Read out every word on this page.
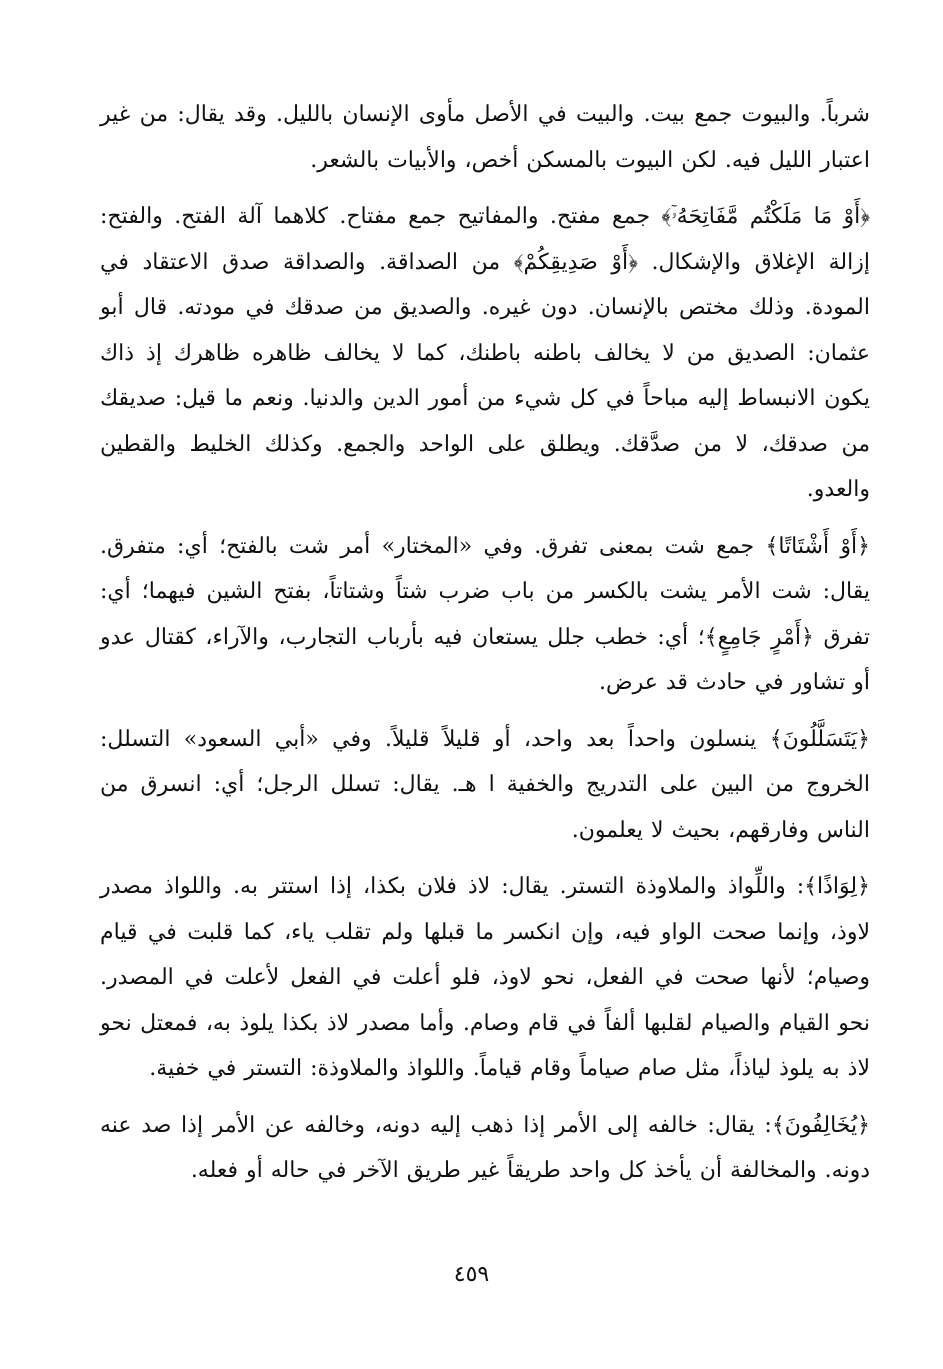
شرباً. والبيوت جمع بيت. والبيت في الأصل مأوى الإنسان بالليل. وقد يقال: من غير اعتبار الليل فيه. لكن البيوت بالمسكن أخص، والأبيات بالشعر.

﴿أَوْ مَا مَلَكْتُم مَّفَاتِحَهُۥٓ﴾ جمع مفتح. والمفاتيح جمع مفتاح. كلاهما آلة الفتح. والفتح: إزالة الإغلاق والإشكال. ﴿أَوْ صَدِيقِكُمْ﴾ من الصداقة. والصداقة صدق الاعتقاد في المودة. وذلك مختص بالإنسان. دون غيره. والصديق من صدقك في مودته. قال أبو عثمان: الصديق من لا يخالف باطنه باطنك، كما لا يخالف ظاهره ظاهرك إذ ذاك يكون الانبساط إليه مباحاً في كل شيء من أمور الدين والدنيا. ونعم ما قيل: صديقك من صدقك، لا من صدَّقك. ويطلق على الواحد والجمع. وكذلك الخليط والقطين والعدو.

﴿أَوْ أَشْتَاتًا﴾ جمع شت بمعنى تفرق. وفي «المختار» أمر شت بالفتح؛ أي: متفرق. يقال: شت الأمر يشت بالكسر من باب ضرب شتاً وشتاتاً، بفتح الشين فيهما؛ أي: تفرق ﴿أَمْرٍ جَامِعٍ﴾؛ أي: خطب جلل يستعان فيه بأرباب التجارب، والآراء، كقتال عدو أو تشاور في حادث قد عرض.

﴿يَتَسَلَّلُونَ﴾ ينسلون واحداً بعد واحد، أو قليلاً قليلاً. وفي «أبي السعود» التسلل: الخروج من البين على التدريج والخفية ا هـ. يقال: تسلل الرجل؛ أي: انسرق من الناس وفارقهم، بحيث لا يعلمون.

﴿لِوَاذًا﴾: واللِّواذ والملاوذة التستر. يقال: لاذ فلان بكذا، إذا استتر به. واللواذ مصدر لاوذ، وإنما صحت الواو فيه، وإن انكسر ما قبلها ولم تقلب ياء، كما قلبت في قيام وصيام؛ لأنها صحت في الفعل، نحو لاوذ، فلو أعلت في الفعل لأعلت في المصدر. نحو القيام والصيام لقلبها ألفاً في قام وصام. وأما مصدر لاذ بكذا يلوذ به، فمعتل نحو لاذ به يلوذ لياذاً، مثل صام صياماً وقام قياماً. واللواذ والملاوذة: التستر في خفية.

﴿يُخَالِفُونَ﴾: يقال: خالفه إلى الأمر إذا ذهب إليه دونه، وخالفه عن الأمر إذا صد عنه دونه. والمخالفة أن يأخذ كل واحد طريقاً غير طريق الآخر في حاله أو فعله.

٤٥٩
